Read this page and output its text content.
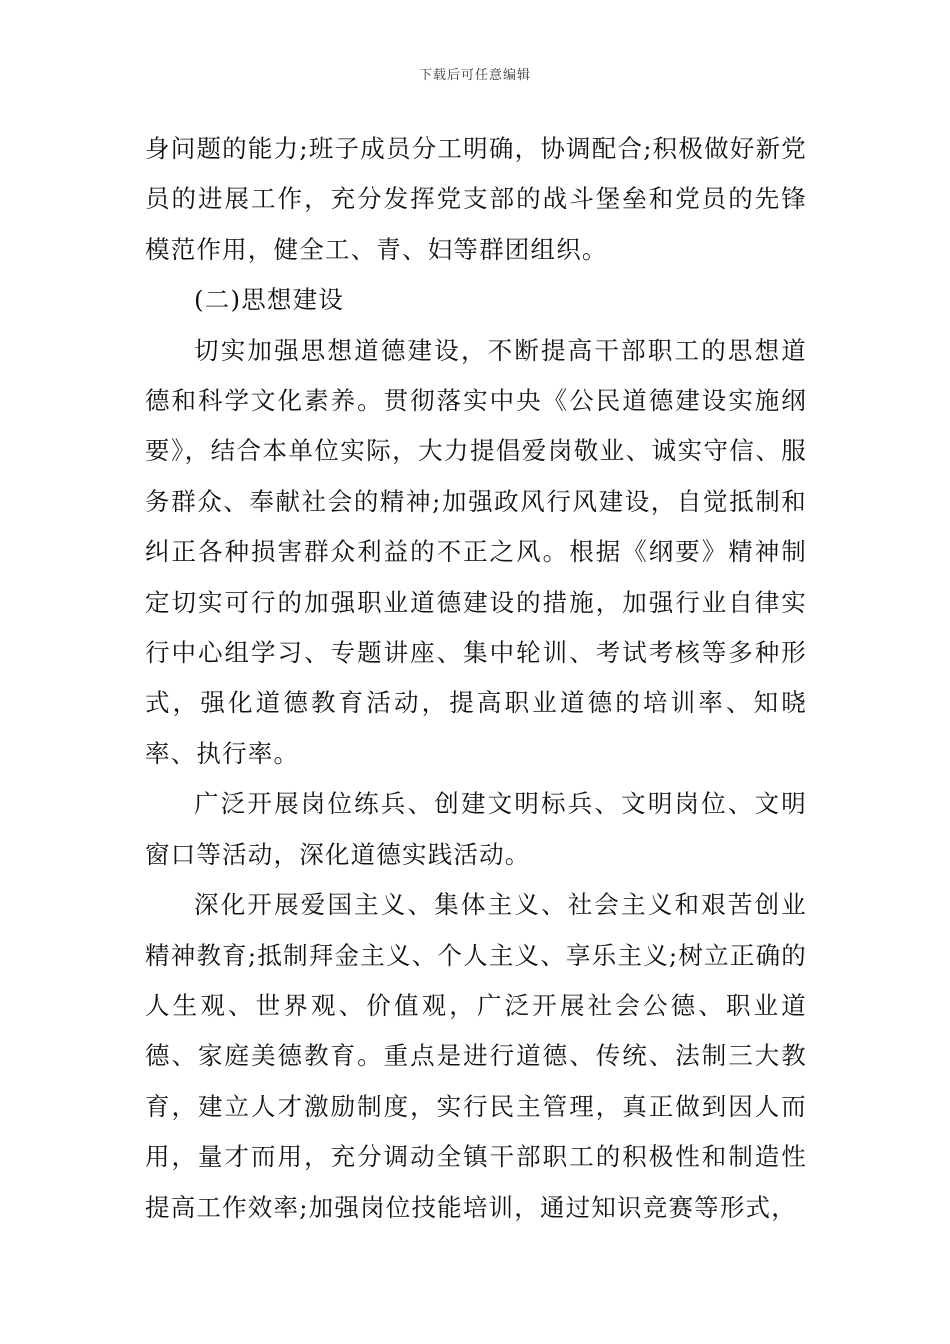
下载后可任意编辑

身问题的能力;班子成员分工明确，协调配合;积极做好新党员的进展工作，充分发挥党支部的战斗堡垒和党员的先锋模范作用，健全工、青、妇等群团组织。

(二)思想建设

切实加强思想道德建设，不断提高干部职工的思想道德和科学文化素养。贯彻落实中央《公民道德建设实施纲要》，结合本单位实际，大力提倡爱岗敬业、诚实守信、服务群众、奉献社会的精神;加强政风行风建设，自觉抵制和纠正各种损害群众利益的不正之风。根据《纲要》精神制定切实可行的加强职业道德建设的措施，加强行业自律实行中心组学习、专题讲座、集中轮训、考试考核等多种形式，强化道德教育活动，提高职业道德的培训率、知晓率、执行率。

广泛开展岗位练兵、创建文明标兵、文明岗位、文明窗口等活动，深化道德实践活动。

深化开展爱国主义、集体主义、社会主义和艰苦创业精神教育;抵制拜金主义、个人主义、享乐主义;树立正确的人生观、世界观、价值观，广泛开展社会公德、职业道德、家庭美德教育。重点是进行道德、传统、法制三大教育，建立人才激励制度，实行民主管理，真正做到因人而用，量才而用，充分调动全镇干部职工的积极性和制造性提高工作效率;加强岗位技能培训，通过知识竞赛等形式，
